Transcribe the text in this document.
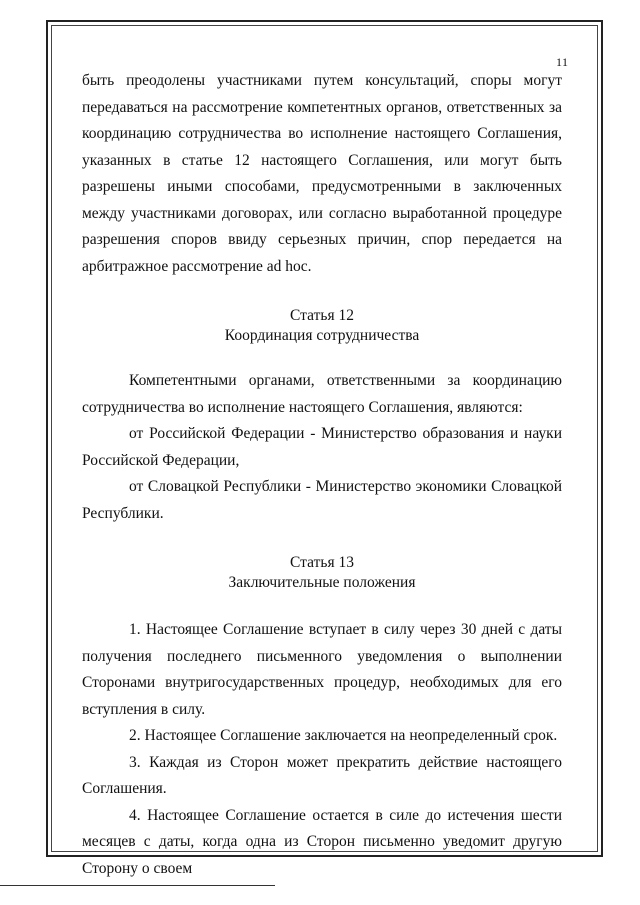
11

быть преодолены участниками путем консультаций, споры могут передаваться на рассмотрение компетентных органов, ответственных за координацию сотрудничества во исполнение настоящего Соглашения, указанных в статье 12 настоящего Соглашения, или могут быть разрешены иными способами, предусмотренными в заключенных между участниками договорах, или согласно выработанной процедуре разрешения споров ввиду серьезных причин, спор передается на арбитражное рассмотрение ad hoc.

Статья 12

Координация сотрудничества

Компетентными органами, ответственными за координацию сотрудничества во исполнение настоящего Соглашения, являются:

от Российской Федерации - Министерство образования и науки Российской Федерации,

от Словацкой Республики - Министерство экономики Словацкой Республики.

Статья 13

Заключительные положения

1. Настоящее Соглашение вступает в силу через 30 дней с даты получения последнего письменного уведомления о выполнении Сторонами внутригосударственных процедур, необходимых для его вступления в силу.

2. Настоящее Соглашение заключается на неопределенный срок.

3. Каждая из Сторон может прекратить действие настоящего Соглашения.

4. Настоящее Соглашение остается в силе до истечения шести месяцев с даты, когда одна из Сторон письменно уведомит другую Сторону о своем
